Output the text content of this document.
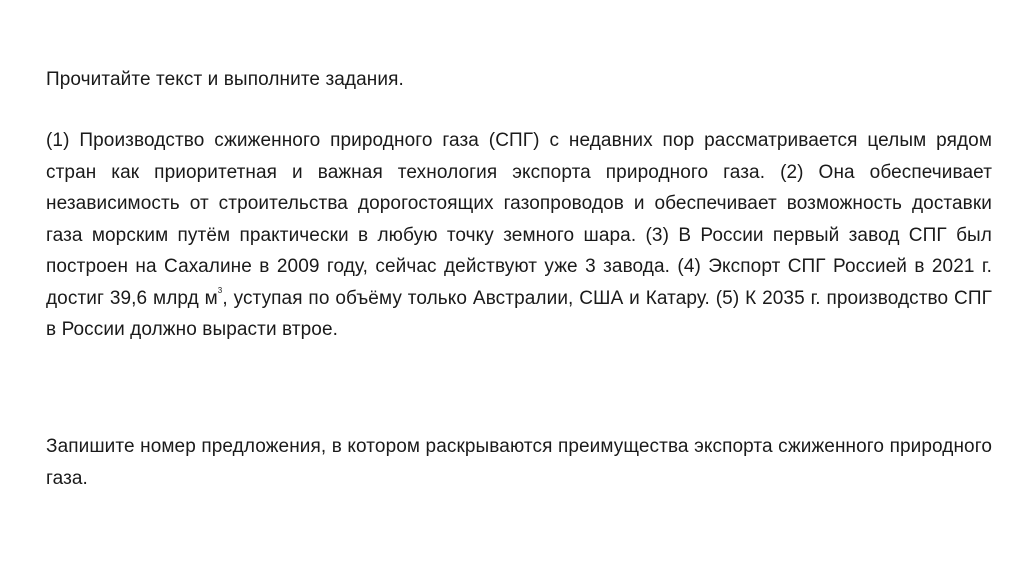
Прочитайте текст и выполните задания.

(1) Производство сжиженного природного газа (СПГ) с недавних пор рассматривается целым рядом стран как приоритетная и важная технология экспорта природного газа. (2) Она обеспечивает независимость от строительства дорогостоящих газопроводов и обеспечивает возможность доставки газа морским путём практически в любую точку земного шара. (3) В России первый завод СПГ был построен на Сахалине в 2009 году, сейчас действуют уже 3 завода. (4) Экспорт СПГ Россией в 2021 г. достиг 39,6 млрд $м^3$, уступая по объёму только Австралии, США и Катару. (5) К 2035 г. производство СПГ в России должно вырасти втрое.

Запишите номер предложения, в котором раскрываются преимущества экспорта сжиженного природного газа.
